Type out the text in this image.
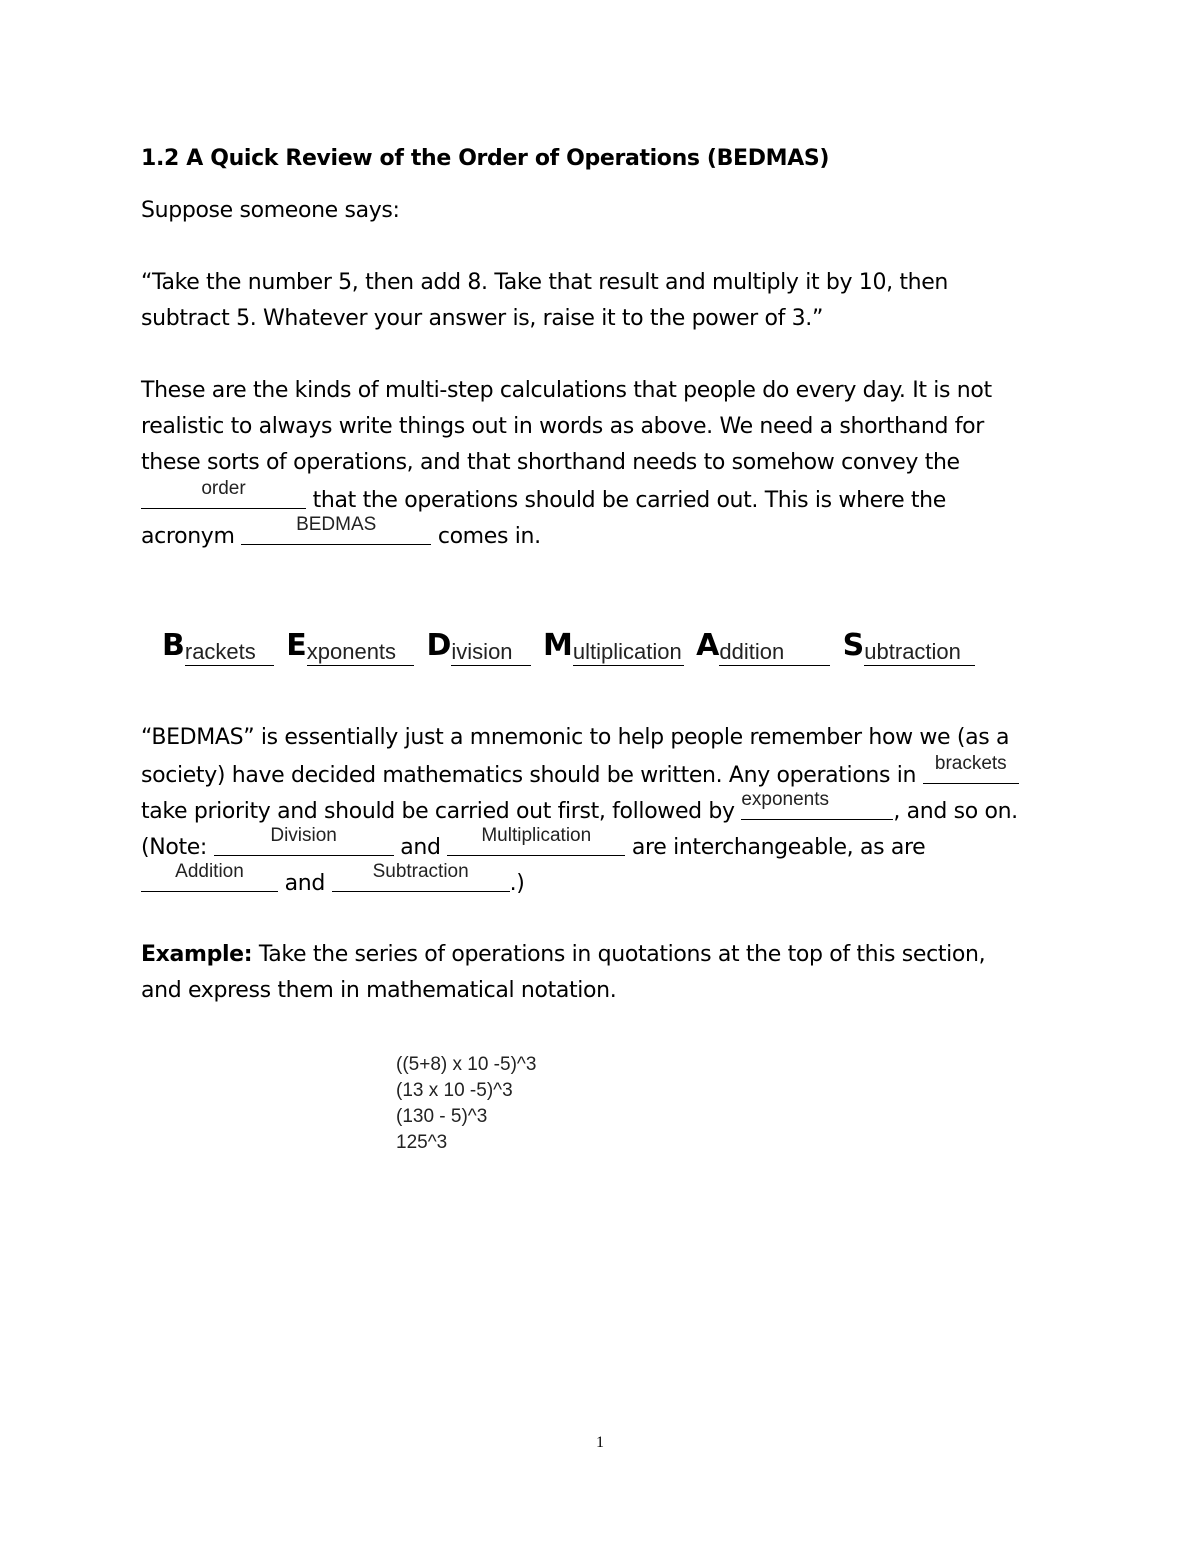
1.2 A Quick Review of the Order of Operations (BEDMAS)
Suppose someone says:
“Take the number 5, then add 8. Take that result and multiply it by 10, then
subtract 5. Whatever your answer is, raise it to the power of 3.”
These are the kinds of multi-step calculations that people do every day. It is not
realistic to always write things out in words as above. We need a shorthand for
these sorts of operations, and that shorthand needs to somehow convey the
order	that the operations should be carried out. This is where the
acronym	BEDMAS	comes in.
Brackets Exponents Division Multiplication Addition Subtraction
“BEDMAS” is essentially just a mnemonic to help people remember how we (as a
society) have decided mathematics should be written. Any operations in brackets
take priority and should be carried out first, followed by exponents	, and so on.
(Note:	Division	and	Multiplication	are interchangeable, as are
Addition	and	Subtraction	.)
Example: Take the series of operations in quotations at the top of this section,
and express them in mathematical notation.
((5+8) x 10 -5)^3
(13 x 10 -5)^3
(130 - 5)^3
125^3
1
